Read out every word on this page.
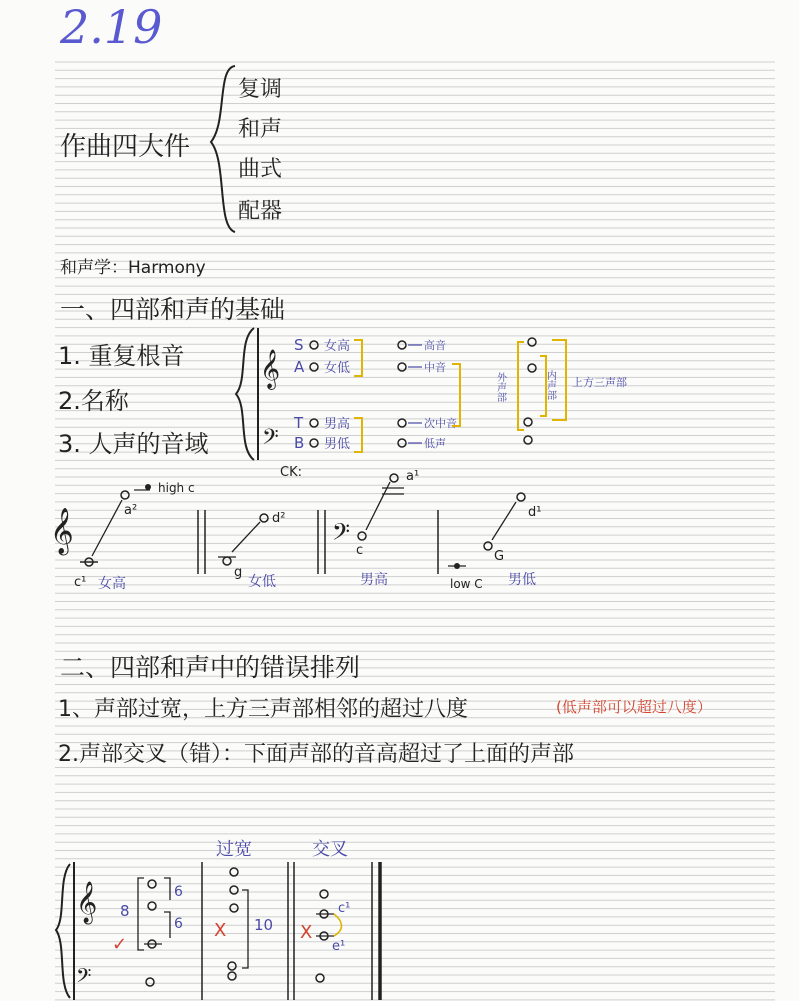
2.19
作曲四大件
复调
和声
曲式
配器
和声学：Harmony
一、四部和声的基础
1. 重复根音
2.名称
3. 人声的音域
𝄞
𝄢
S 女高
A 女低
T 男高
B 男低
高音
中音
次中音
低声
外声部	内声部 上方三声部
CK:
𝄞	a²
high c
c¹ 女高
d²
g
女低
𝄢
a¹
c
男高
d¹
G
low C 男低
二、四部和声中的错误排列
1、声部过宽，上方三声部相邻的超过八度	(低声部可以超过八度）
2.声部交叉（错）：下面声部的音高超过了上面的声部
过宽	交叉
𝄞
𝄢
8
6
6
✓
X 10 X
c¹
e¹
